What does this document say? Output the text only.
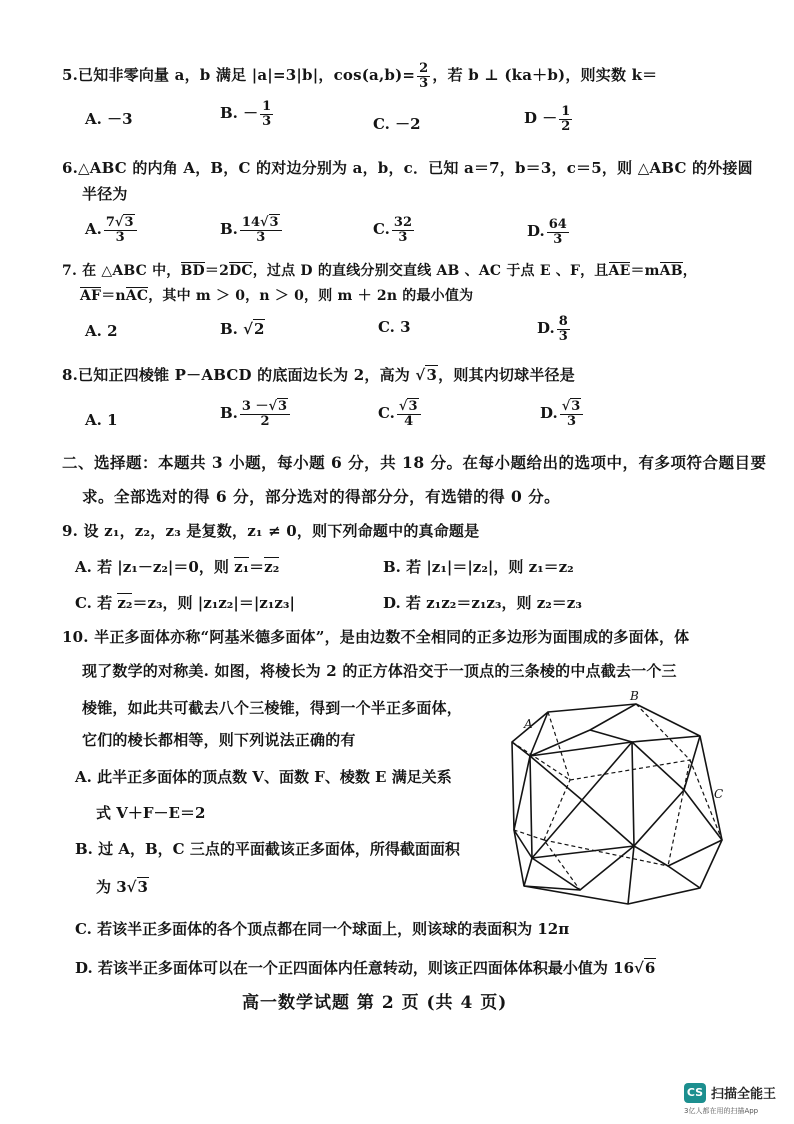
5.已知非零向量 a，b 满足 |a|=3|b|，$\cos(a,b)= \frac{2}{3}$ ，若 b ⊥ (ka＋b)，则实数 k＝
A. －3	B. － $\frac{1}{3}$	C. －2	$D - \frac{1}{2}$
6.△ABC 的内角 A，B，C 的对边分别为 a，b，c．已知 a＝7，b＝3，c＝5，则 △ABC 的外接圆
半径为
A. $\frac{7√3}{3}$	B. $\frac{14√3}{3}$	C. $\frac{32}{3}$	D. $\frac{64}{3}$
7. 在 △ABC 中，BD＝2DC，过点 D 的直线分别交直线 AB 、AC 于点 E 、F，且AE＝mAB，
AF＝nAC，其中 m ＞ 0，n ＞ 0，则 m ＋ 2n 的最小值为
A. 2	B. √2	C. 3	D. $\frac{8}{3}$
8.已知正四棱锥 P－ABCD 的底面边长为 2，高为 √3，则其内切球半径是
A. 1	B. $\frac{3 -√3}{2}$	C. $\frac{√3}{4}$	D. $\frac{√3}{3}$
二、选择题：本题共 3 小题，每小题 6 分，共 18 分。在每小题给出的选项中，有多项符合题目要
求。全部选对的得 6 分，部分选对的得部分分，有选错的得 0 分。
9. 设 z₁，z₂，z₃ 是复数，z₁ ≠ 0，则下列命题中的真命题是
A. 若 |z₁－z₂|＝0，则 z₁＝z₂	B. 若 |z₁|＝|z₂|，则 z₁＝z₂
C. 若 z₂＝z₃，则 |z₁z₂|＝|z₁z₃|	D. 若 z₁z₂＝z₁z₃，则 z₂＝z₃
10. 半正多面体亦称“阿基米德多面体”，是由边数不全相同的正多边形为面围成的多面体，体
现了数学的对称美. 如图，将棱长为 2 的正方体沿交于一顶点的三条棱的中点截去一个三
棱锥，如此共可截去八个三棱锥，得到一个半正多面体，
它们的棱长都相等，则下列说法正确的有
A. 此半正多面体的顶点数 V、面数 F、棱数 E 满足关系
式 V＋F－E＝2
B. 过 A，B，C 三点的平面截该正多面体，所得截面面积
为 3√3
C. 若该半正多面体的各个顶点都在同一个球面上，则该球的表面积为 12π
D. 若该半正多面体可以在一个正四面体内任意转动，则该正四面体体积最小值为 16√6
A
B
C
高一数学试题 第 2 页 (共 4 页)
CS 扫描全能王
3亿人都在用的扫描App
